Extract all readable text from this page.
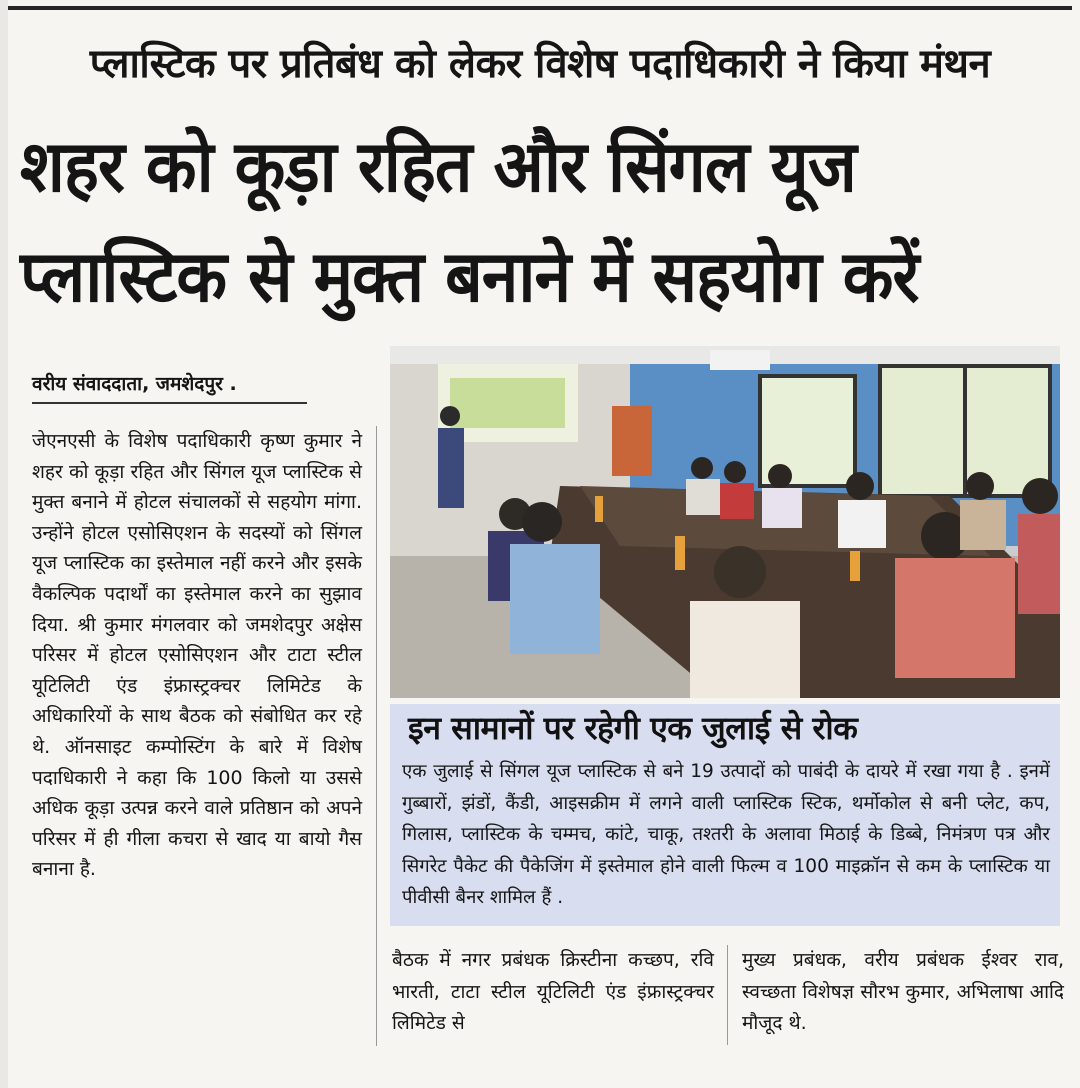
प्लास्टिक पर प्रतिबंध को लेकर विशेष पदाधिकारी ने किया मंथन
शहर को कूड़ा रहित और सिंगल यूज
प्लास्टिक से मुक्त बनाने में सहयोग करें
वरीय संवाददाता, जमशेदपुर .
जेएनएसी के विशेष पदाधिकारी कृष्ण कुमार ने शहर को कूड़ा रहित और सिंगल यूज प्लास्टिक से मुक्त बनाने में होटल संचालकों से सहयोग मांगा. उन्होंने होटल एसोसिएशन के सदस्यों को सिंगल यूज प्लास्टिक का इस्तेमाल नहीं करने और इसके वैकल्पिक पदार्थों का इस्तेमाल करने का सुझाव दिया. श्री कुमार मंगलवार को जमशेदपुर अक्षेस परिसर में होटल एसोसिएशन और टाटा स्टील यूटिलिटी एंड इंफ्रास्ट्रक्चर लिमिटेड के अधिकारियों के साथ बैठक को संबोधित कर रहे थे. ऑनसाइट कम्पोस्टिंग के बारे में विशेष पदाधिकारी ने कहा कि 100 किलो या उससे अधिक कूड़ा उत्पन्न करने वाले प्रतिष्ठान को अपने परिसर में ही गीला कचरा से खाद या बायो गैस बनाना है.
इन सामानों पर रहेगी एक जुलाई से रोक
एक जुलाई से सिंगल यूज प्लास्टिक से बने 19 उत्पादों को पाबंदी के दायरे में रखा गया है . इनमें गुब्बारों, झंडों, कैंडी, आइसक्रीम में लगने वाली प्लास्टिक स्टिक, थर्मोकोल से बनी प्लेट, कप, गिलास, प्लास्टिक के चम्मच, कांटे, चाकू, तश्तरी के अलावा मिठाई के डिब्बे, निमंत्रण पत्र और सिगरेट पैकेट की पैकेजिंग में इस्तेमाल होने वाली फिल्म व 100 माइक्रॉन से कम के प्लास्टिक या पीवीसी बैनर शामिल हैं .
बैठक में नगर प्रबंधक क्रिस्टीना कच्छप, रवि भारती, टाटा स्टील यूटिलिटी एंड इंफ्रास्ट्रक्चर लिमिटेड से
मुख्य प्रबंधक, वरीय प्रबंधक ईश्वर राव, स्वच्छता विशेषज्ञ सौरभ कुमार, अभिलाषा आदि मौजूद थे.
